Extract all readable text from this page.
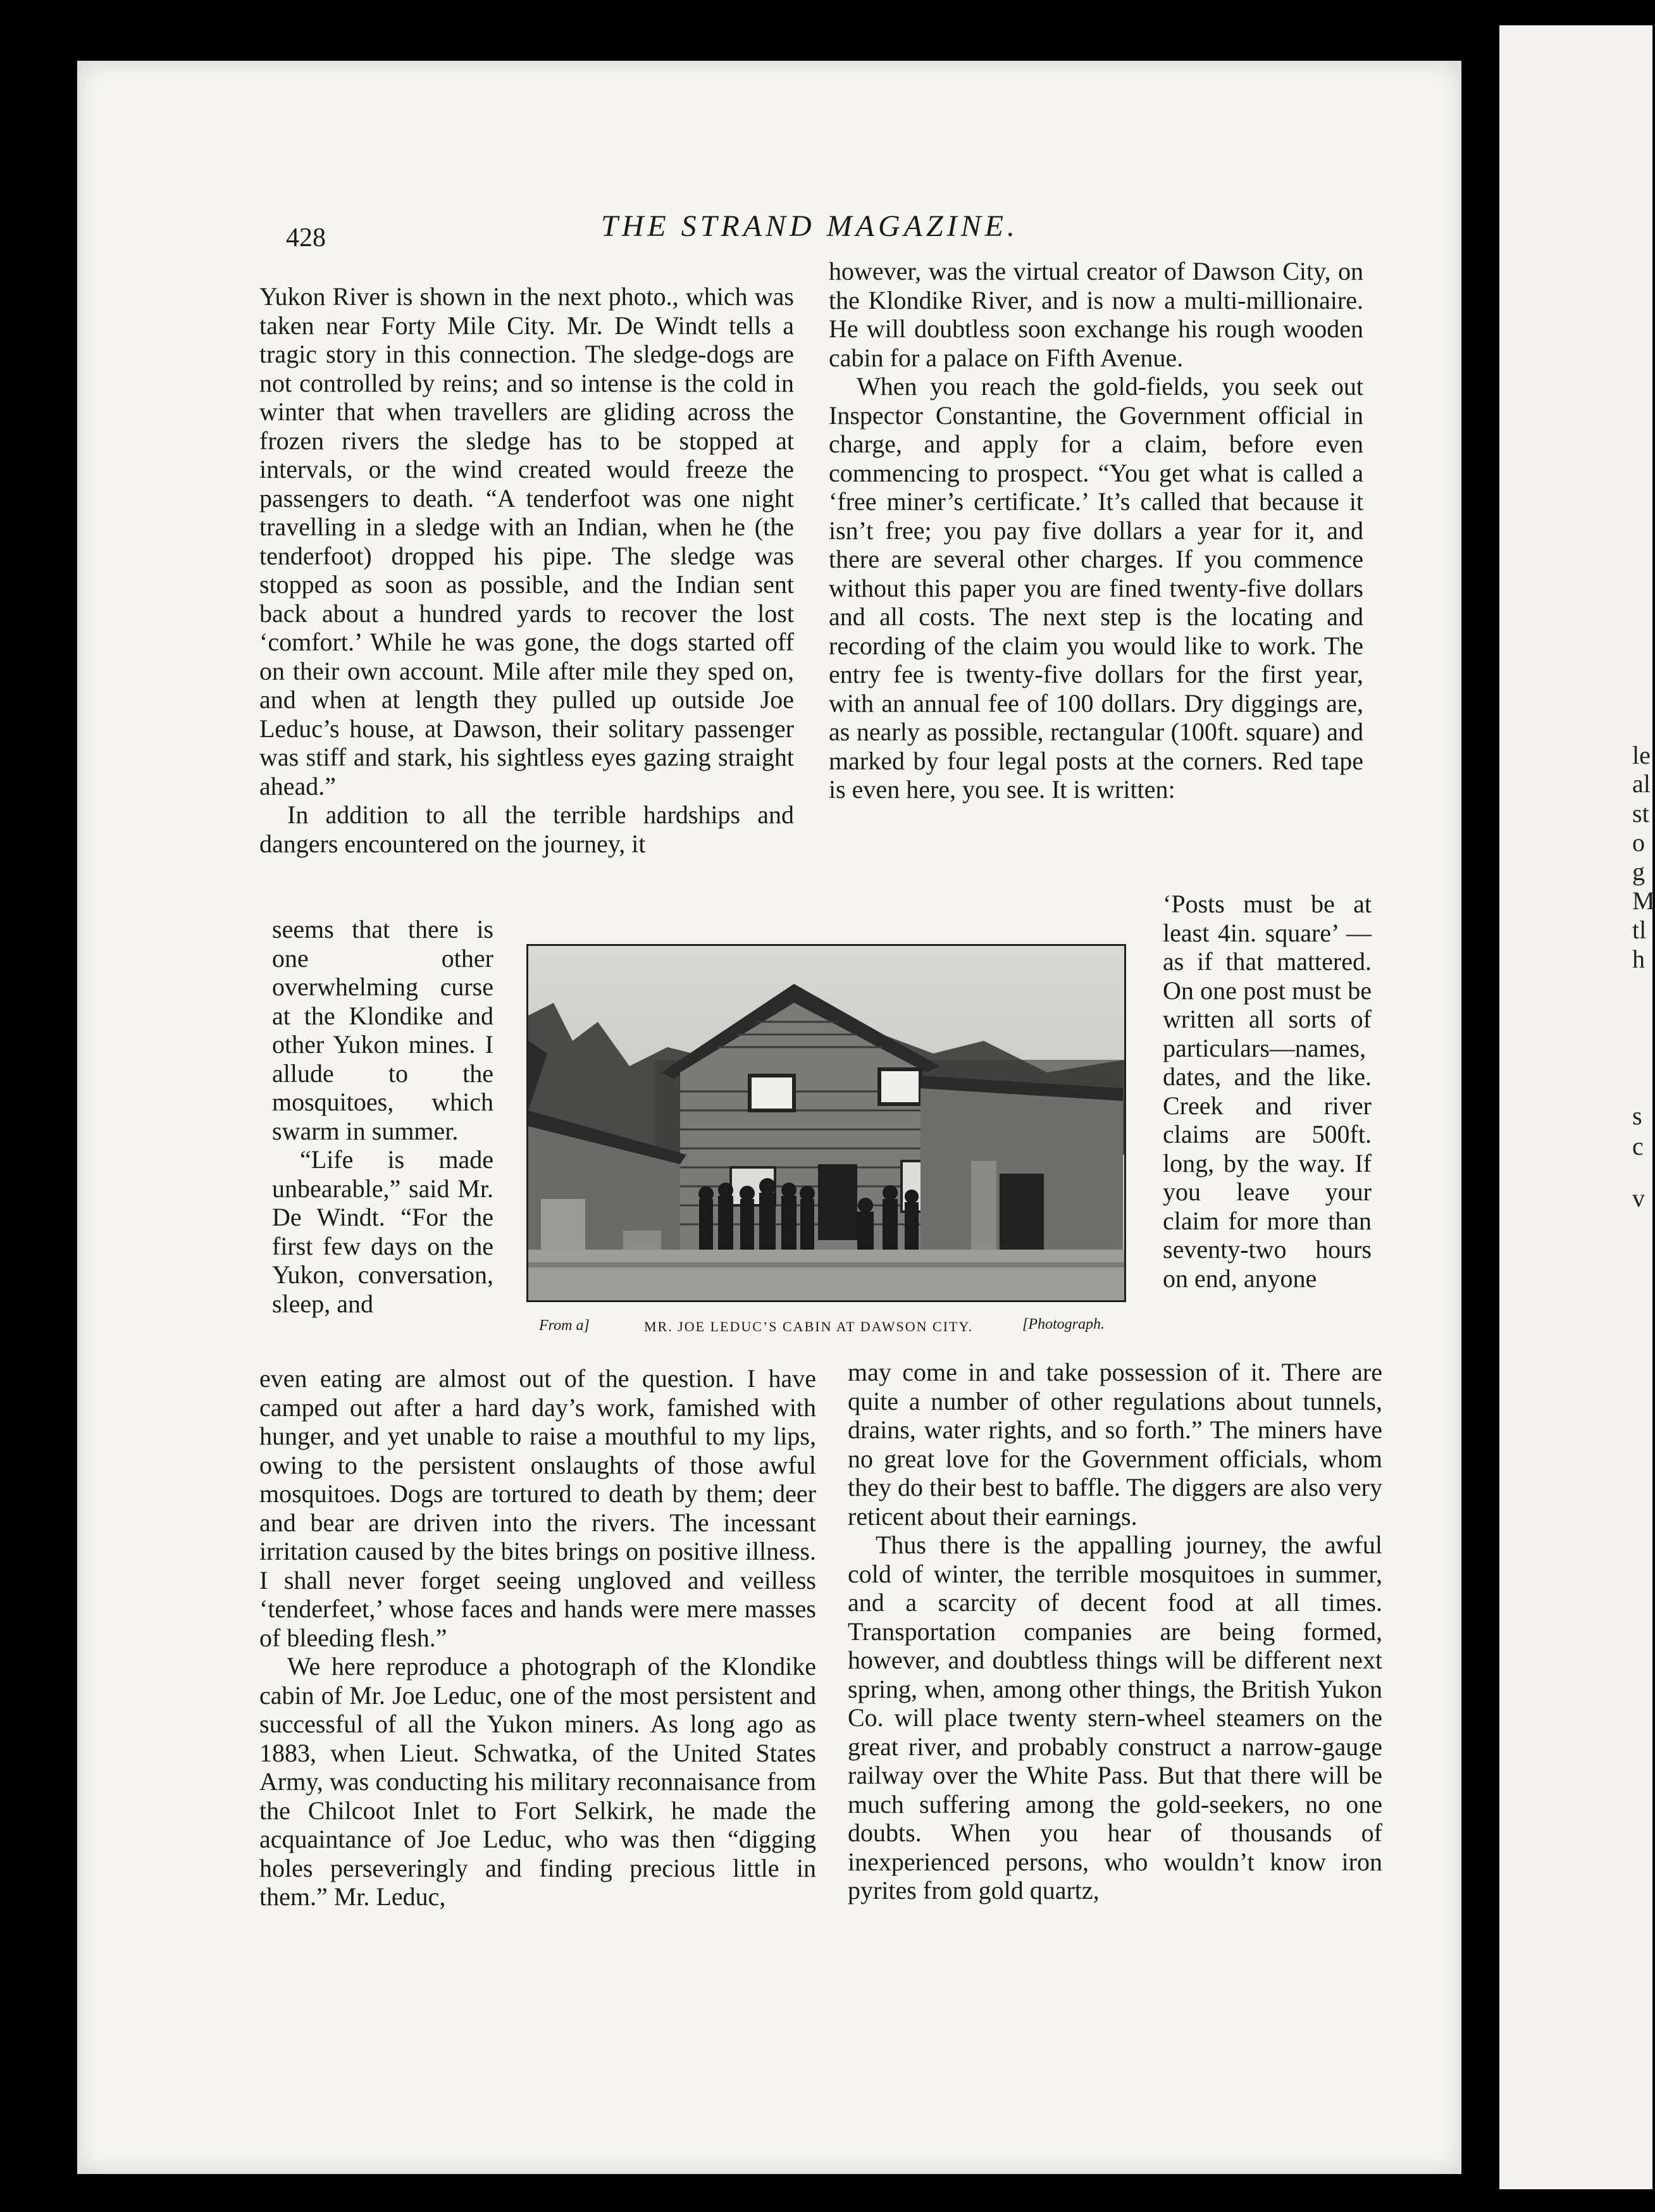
le
al
st
o
g
M
tl
h
s
c
v
428	THE STRAND MAGAZINE.

Yukon River is shown in the next photo., which was taken near Forty Mile City. Mr. De Windt tells a tragic story in this connection. The sledge-dogs are not controlled by reins; and so intense is the cold in winter that when travellers are gliding across the frozen rivers the sledge has to be stopped at intervals, or the wind created would freeze the passengers to death. “A tenderfoot was one night travelling in a sledge with an Indian, when he (the tenderfoot) dropped his pipe. The sledge was stopped as soon as possible, and the Indian sent back about a hundred yards to recover the lost ‘comfort.’ While he was gone, the dogs started off on their own account. Mile after mile they sped on, and when at length they pulled up outside Joe Leduc’s house, at Dawson, their solitary passenger was stiff and stark, his sightless eyes gazing straight ahead.”

In addition to all the terrible hardships and dangers encountered on the journey, it

seems that there is one other overwhelming curse at the Klondike and other Yukon mines. I allude to the mosquitoes, which swarm in summer.

“Life is made unbearable,” said Mr. De Windt. “For the first few days on the Yukon, conversation, sleep, and

even eating are almost out of the question. I have camped out after a hard day’s work, famished with hunger, and yet unable to raise a mouthful to my lips, owing to the persistent onslaughts of those awful mosquitoes. Dogs are tortured to death by them; deer and bear are driven into the rivers. The incessant irritation caused by the bites brings on positive illness. I shall never forget seeing ungloved and veilless ‘tenderfeet,’ whose faces and hands were mere masses of bleeding flesh.”

We here reproduce a photograph of the Klondike cabin of Mr. Joe Leduc, one of the most persistent and successful of all the Yukon miners. As long ago as 1883, when Lieut. Schwatka, of the United States Army, was conducting his military reconnaisance from the Chilcoot Inlet to Fort Selkirk, he made the acquaintance of Joe Leduc, who was then “digging holes perseveringly and finding precious little in them.” Mr. Leduc,

however, was the virtual creator of Dawson City, on the Klondike River, and is now a multi-millionaire. He will doubtless soon exchange his rough wooden cabin for a palace on Fifth Avenue.

When you reach the gold-fields, you seek out Inspector Constantine, the Government official in charge, and apply for a claim, before even commencing to prospect. “You get what is called a ‘free miner’s certificate.’ It’s called that because it isn’t free; you pay five dollars a year for it, and there are several other charges. If you commence without this paper you are fined twenty-five dollars and all costs. The next step is the locating and recording of the claim you would like to work. The entry fee is twenty-five dollars for the first year, with an annual fee of 100 dollars. Dry diggings are, as nearly as possible, rectangular (100ft. square) and marked by four legal posts at the corners. Red tape is even here, you see. It is written:

‘Posts must be at least 4in. square’ —as if that mattered. On one post must be written all sorts of particulars—names, dates, and the like. Creek and river claims are 500ft. long, by the way. If you leave your claim for more than seventy-two hours on end, anyone

may come in and take possession of it. There are quite a number of other regulations about tunnels, drains, water rights, and so forth.” The miners have no great love for the Government officials, whom they do their best to baffle. The diggers are also very reticent about their earnings.

Thus there is the appalling journey, the awful cold of winter, the terrible mosquitoes in summer, and a scarcity of decent food at all times. Transportation companies are being formed, however, and doubtless things will be different next spring, when, among other things, the British Yukon Co. will place twenty stern-wheel steamers on the great river, and probably construct a narrow-gauge railway over the White Pass. But that there will be much suffering among the gold-seekers, no one doubts. When you hear of thousands of inexperienced persons, who wouldn’t know iron pyrites from gold quartz,

From a]	MR. JOE LEDUC’S CABIN AT DAWSON CITY.	[Photograph.
